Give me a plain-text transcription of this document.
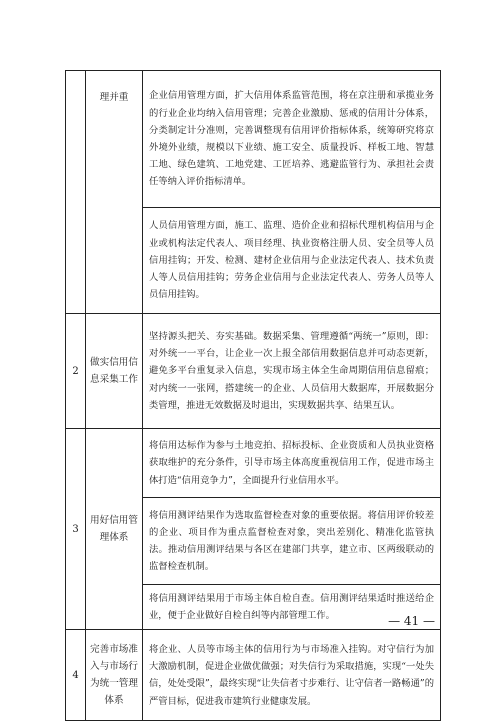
	理并重	企业信用管理方面，扩大信用体系监管范围，将在京注册和承揽业务的行业企业均纳入信用管理；完善企业激励、惩戒的信用计分体系，分类制定计分准则，完善调整现有信用评价指标体系，统筹研究将京外境外业绩，规模以下业绩、施工安全、质量投诉、样板工地、智慧工地、绿色建筑、工地党建、工匠培养、逃避监管行为、承担社会责任等纳入评价指标清单。
		人员信用管理方面，施工、监理、造价企业和招标代理机构信用与企业或机构法定代表人、项目经理、执业资格注册人员、安全员等人员信用挂钩；开发、检测、建材企业信用与企业法定代表人、技术负责人等人员信用挂钩；劳务企业信用与企业法定代表人、劳务人员等人员信用挂钩。
2	做实信用信息采集工作	坚持源头把关、夯实基础。数据采集、管理遵循“两统一”原则，即：对外统一一平台，让企业一次上报全部信用数据信息并可动态更新，避免多平台重复录入信息，实现市场主体全生命周期信用信息留痕；对内统一一张网，搭建统一的企业、人员信用大数据库，开展数据分类管理，推进无效数据及时退出，实现数据共享、结果互认。
3	用好信用管理体系	将信用达标作为参与土地竞拍、招标投标、企业资质和人员执业资格获取维护的充分条件，引导市场主体高度重视信用工作，促进市场主体打造“信用竞争力”，全面提升行业信用水平。
		将信用测评结果作为选取监督检查对象的重要依据。将信用评价较差的企业、项目作为重点监督检查对象，突出差别化、精准化监管执法。推动信用测评结果与各区在建部门共享，建立市、区两级联动的监督检查机制。
		将信用测评结果用于市场主体自检自查。信用测评结果适时推送给企业，便于企业做好自检自纠等内部管理工作。
4	完善市场准入与市场行为统一管理体系	将企业、人员等市场主体的信用行为与市场准入挂钩。对守信行为加大激励机制，促进企业做优做强；对失信行为采取措施，实现“一处失信，处处受限”，最终实现“让失信者寸步难行、让守信者一路畅通”的严管目标，促进我市建筑行业健康发展。
— 41 —
